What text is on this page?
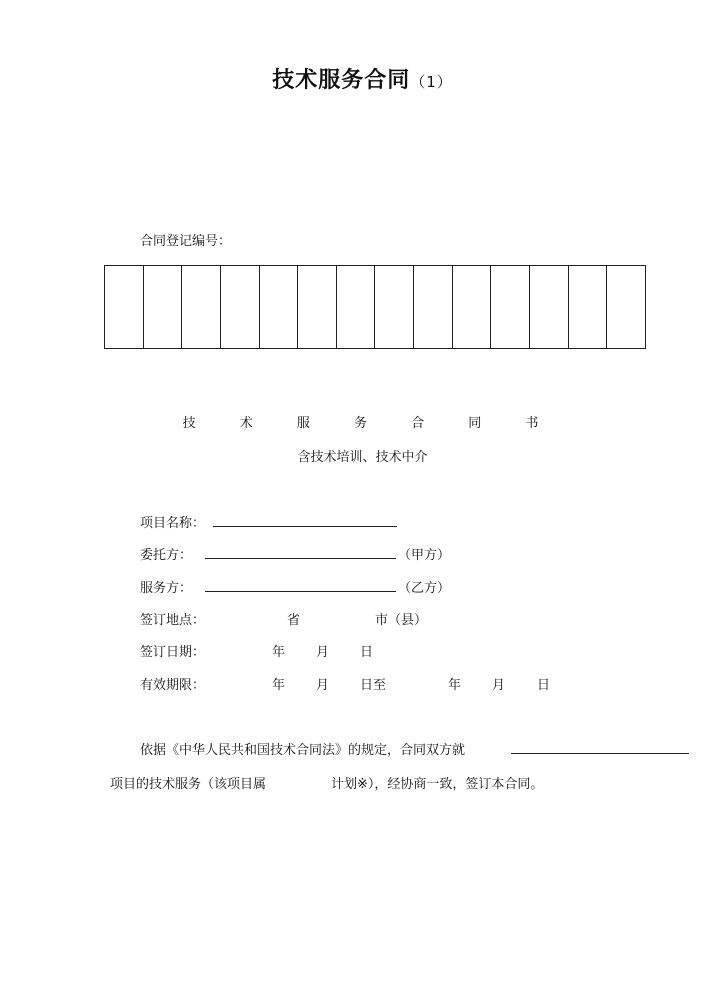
技术服务合同（1）
合同登记编号：
技 术 服 务 合 同 书
含技术培训、技术中介
项目名称：
委托方：	（甲方）
服务方：	（乙方）
签订地点：	省	市（县）
签订日期：	年 月 日
有效期限：	年 月 日至	年 月 日
依据《中华人民共和国技术合同法》的规定，合同双方就
项目的技术服务（该项目属	计划※），经协商一致，签订本合同。
